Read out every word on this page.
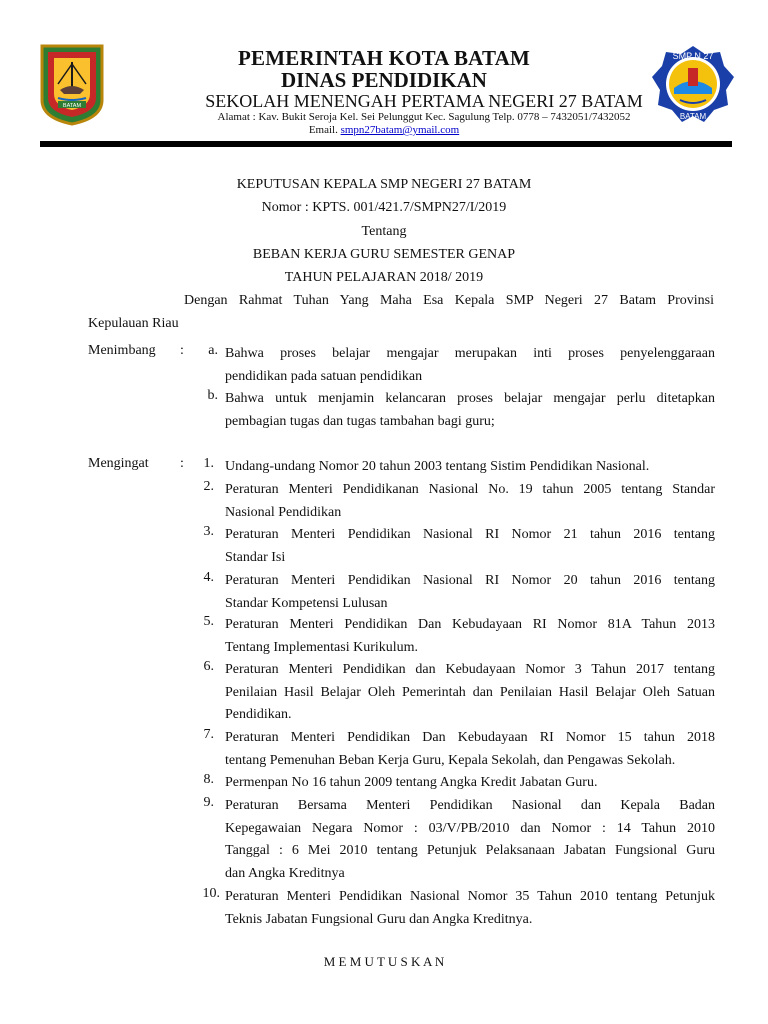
BATAM
PEMERINTAH KOTA BATAM
DINAS PENDIDIKAN
SEKOLAH MENENGAH PERTAMA NEGERI 27 BATAM
Alamat : Kav. Bukit Seroja Kel. Sei Pelunggut Kec. Sagulung Telp. 0778 – 7432051/7432052
Email. smpn27batam@ymail.com
SMP N 27
BATAM
KEPUTUSAN KEPALA SMP NEGERI 27 BATAM
Nomor : KPTS. 001/421.7/SMPN27/I/2019
Tentang
BEBAN KERJA GURU SEMESTER GENAP
TAHUN PELAJARAN 2018/ 2019
Dengan Rahmat Tuhan Yang Maha Esa Kepala SMP Negeri 27 Batam Provinsi
Kepulauan Riau
Menimbang :	a. Bahwa proses belajar mengajar merupakan inti proses penyelenggaraan
pendidikan pada satuan pendidikan
b. Bahwa untuk menjamin kelancaran proses belajar mengajar perlu ditetapkan
pembagian tugas dan tugas tambahan bagi guru;
Mengingat :	1. Undang-undang Nomor 20 tahun 2003 tentang Sistim Pendidikan Nasional.
2. Peraturan Menteri Pendidikanan Nasional No. 19 tahun 2005 tentang Standar
Nasional Pendidikan
3. Peraturan Menteri Pendidikan Nasional RI Nomor 21 tahun 2016 tentang
Standar Isi
4. Peraturan Menteri Pendidikan Nasional RI Nomor 20 tahun 2016 tentang
Standar Kompetensi Lulusan
5. Peraturan Menteri Pendidikan Dan Kebudayaan RI Nomor 81A Tahun 2013
Tentang Implementasi Kurikulum.
6. Peraturan Menteri Pendidikan dan Kebudayaan Nomor 3 Tahun 2017 tentang
Penilaian Hasil Belajar Oleh Pemerintah dan Penilaian Hasil Belajar Oleh Satuan
Pendidikan.
7. Peraturan Menteri Pendidikan Dan Kebudayaan RI Nomor 15 tahun 2018
tentang Pemenuhan Beban Kerja Guru, Kepala Sekolah, dan Pengawas Sekolah.
8. Permenpan No 16 tahun 2009 tentang Angka Kredit Jabatan Guru.
9. Peraturan Bersama Menteri Pendidikan Nasional dan Kepala Badan
Kepegawaian Negara Nomor : 03/V/PB/2010 dan Nomor : 14 Tahun 2010
Tanggal : 6 Mei 2010 tentang Petunjuk Pelaksanaan Jabatan Fungsional Guru
dan Angka Kreditnya
10. Peraturan Menteri Pendidikan Nasional Nomor 35 Tahun 2010 tentang Petunjuk
Teknis Jabatan Fungsional Guru dan Angka Kreditnya.
M E M U T U S K A N
